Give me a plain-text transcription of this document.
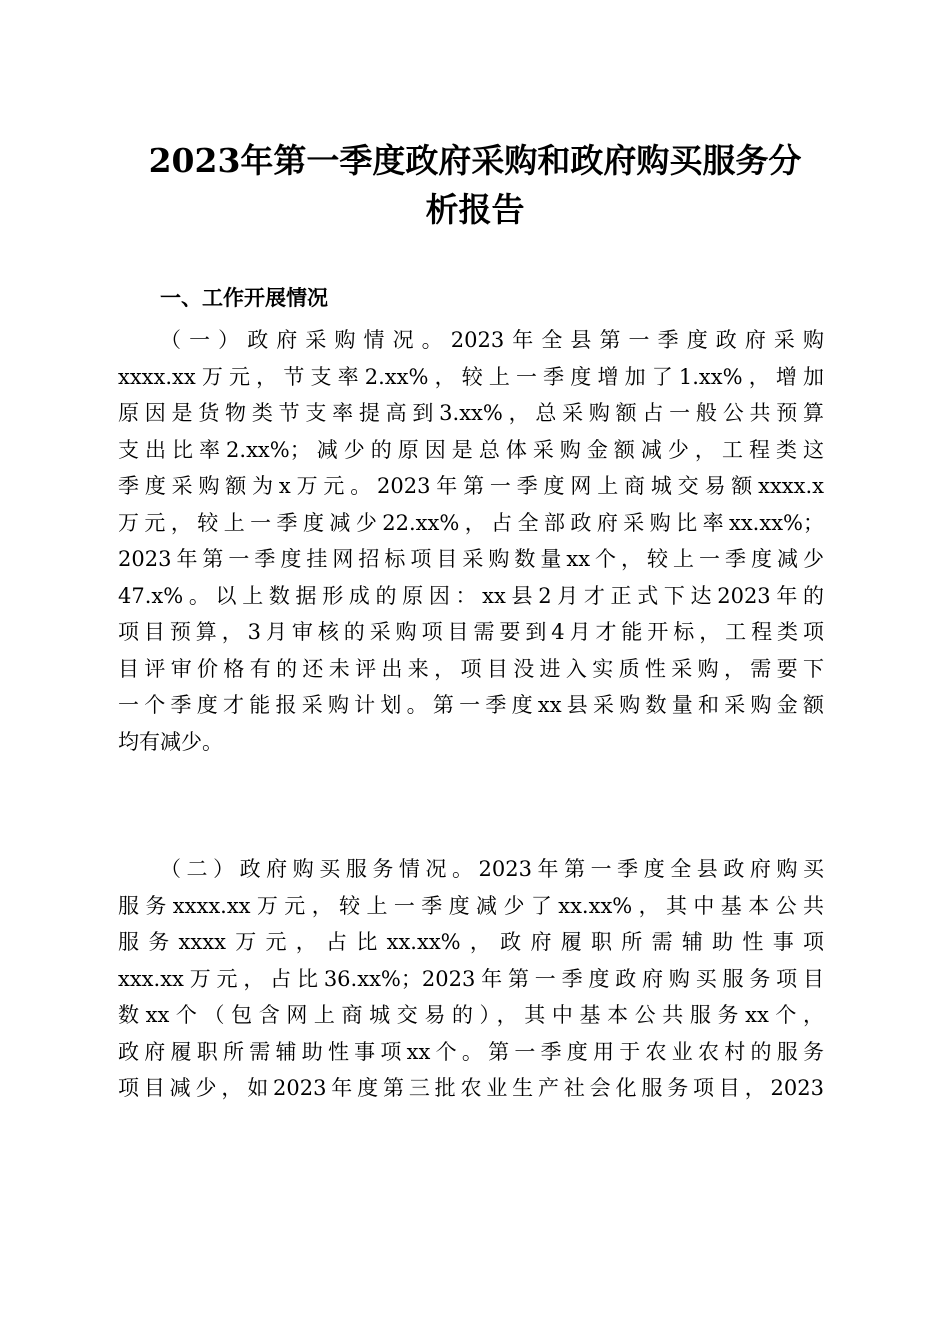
2023年第一季度政府采购和政府购买服务分
析报告
一、工作开展情况
（一）政府采购情况。2023年全县第一季度政府采购
xxxx.xx万元，节支率2.xx%，较上一季度增加了1.xx%，增加
原因是货物类节支率提高到3.xx%，总采购额占一般公共预算
支出比率2.xx%；减少的原因是总体采购金额减少，工程类这
季度采购额为x万元。2023年第一季度网上商城交易额xxxx.x
万元，较上一季度减少22.xx%，占全部政府采购比率xx.xx%；
2023年第一季度挂网招标项目采购数量xx个，较上一季度减少
47.x%。以上数据形成的原因：xx县2月才正式下达2023年的
项目预算，3月审核的采购项目需要到4月才能开标，工程类项
目评审价格有的还未评出来，项目没进入实质性采购，需要下
一个季度才能报采购计划。第一季度xx县采购数量和采购金额
均有减少。
（二）政府购买服务情况。2023年第一季度全县政府购买
服务xxxx.xx万元，较上一季度减少了xx.xx%，其中基本公共
服务xxxx万元，占比xx.xx%，政府履职所需辅助性事项
xxx.xx万元，占比36.xx%；2023年第一季度政府购买服务项目
数xx个（包含网上商城交易的），其中基本公共服务xx个，
政府履职所需辅助性事项xx个。第一季度用于农业农村的服务
项目减少，如2023年度第三批农业生产社会化服务项目，2023
